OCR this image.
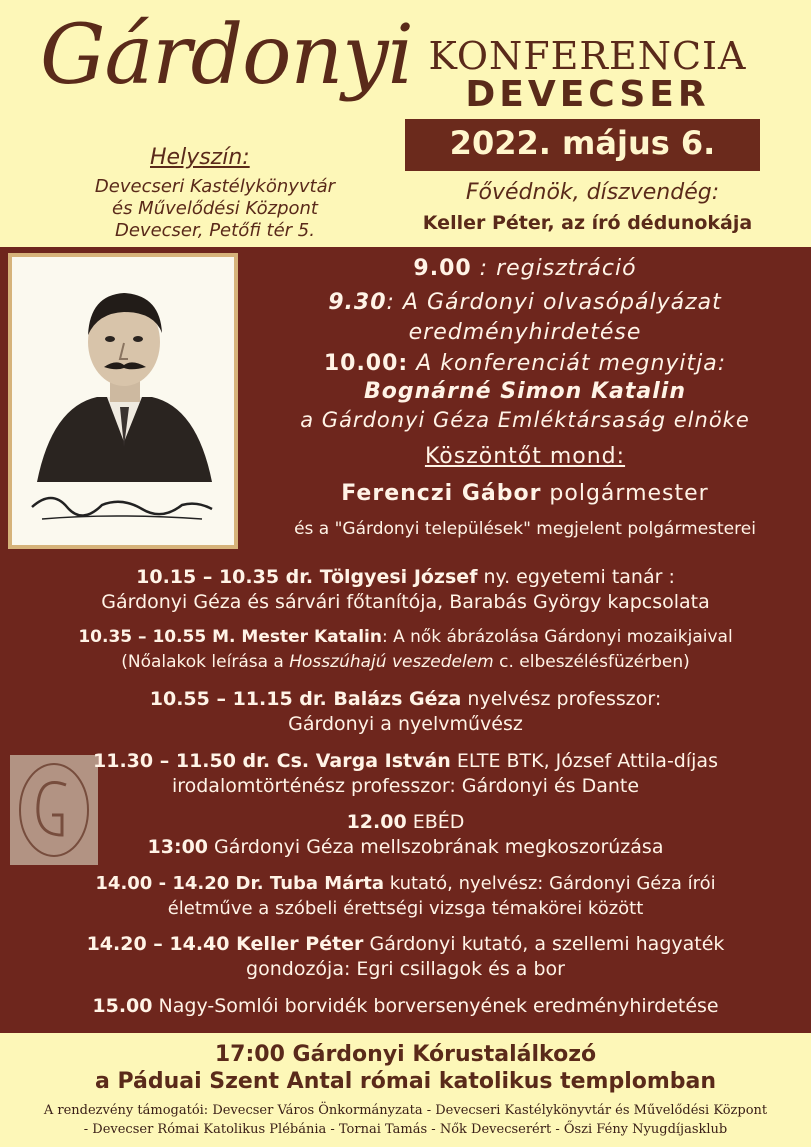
Gárdonyi KONFERENCIA
DEVECSER
2022. május 6.
Helyszín:
Devecseri Kastélykönyvtár
és Művelődési Központ
Devecser, Petőfi tér 5.
Fővédnök, díszvendég:
Keller Péter, az író dédunokája
9.00 : regisztráció
9.30: A Gárdonyi olvasópályázat
eredményhirdetése
10.00: A konferenciát megnyitja:
Bognárné Simon Katalin
a Gárdonyi Géza Emléktársaság elnöke
Köszöntőt mond:
Ferenczi Gábor polgármester
és a "Gárdonyi települések" megjelent polgármesterei
10.15 – 10.35 dr. Tölgyesi József ny. egyetemi tanár :
Gárdonyi Géza és sárvári főtanítója, Barabás György kapcsolata
10.35 – 10.55 M. Mester Katalin: A nők ábrázolása Gárdonyi mozaikjaival
(Nőalakok leírása a Hosszúhajú veszedelem c. elbeszélésfüzérben)
10.55 – 11.15 dr. Balázs Géza nyelvész professzor:
Gárdonyi a nyelvművész
11.30 – 11.50 dr. Cs. Varga István ELTE BTK, József Attila-díjas
irodalomtörténész professzor: Gárdonyi és Dante
12.00 EBÉD
13:00 Gárdonyi Géza mellszobrának megkoszorúzása
14.00 - 14.20 Dr. Tuba Márta kutató, nyelvész: Gárdonyi Géza írói
életműve a szóbeli érettségi vizsga témakörei között
14.20 – 14.40 Keller Péter Gárdonyi kutató, a szellemi hagyaték
gondozója: Egri csillagok és a bor
15.00 Nagy-Somlói borvidék borversenyének eredményhirdetése
17:00 Gárdonyi Kórustalálkozó
a Páduai Szent Antal római katolikus templomban
A rendezvény támogatói: Devecser Város Önkormányzata - Devecseri Kastélykönyvtár és Művelődési Központ
- Devecser Római Katolikus Plébánia - Tornai Tamás - Nők Devecserért - Őszi Fény Nyugdíjasklub
